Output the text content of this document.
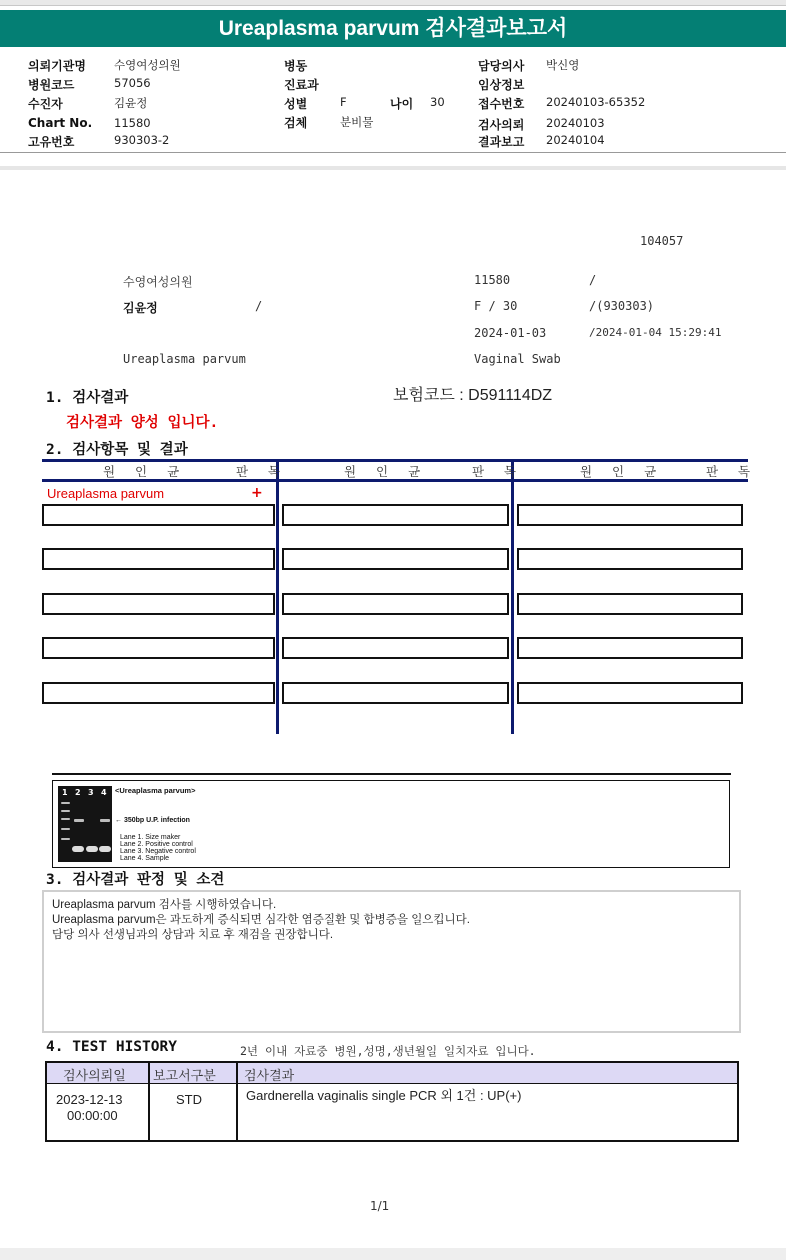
Ureaplasma parvum 검사결과보고서
의뢰기관명 수영여성의원
병원코드	57056
수진자	김윤정
Chart No. 11580
고유번호	930303-2
병동
진료과
성별	F	나이 30
검체	분비물
담당의사 박신영
임상정보
접수번호 20240103-65352
검사의뢰 20240103
결과보고 20240104
104057
수영여성의원	11580	/
김윤정	/	F / 30	/(930303)
2024-01-03	/2024-01-04 15:29:41
Ureaplasma parvum	Vaginal Swab
1. 검사결과	보험코드 : D591114DZ
검사결과 양성 입니다.
2. 검사항목 및 결과
원 인 균	판 독	원 인 균	판 독	원 인 균	판 독
Ureaplasma parvum	+
1 2 3 4 <Ureaplasma parvum>
← 350bp U.P. infection
Lane 1. Size maker
Lane 2. Positive control
Lane 3. Negative control
Lane 4. Sample
3. 검사결과 판정 및 소견
Ureaplasma parvum 검사를 시행하였습니다.
Ureaplasma parvum은 과도하게 증식되면 심각한 염증질환 및 합병증을 일으킵니다.
담당 의사 선생님과의 상담과 치료 후 재검을 권장합니다.
4. TEST HISTORY	2년 이내 자료중 병원,성명,생년월일 일치자료 입니다.
검사의뢰일 보고서구분 검사결과
2023-12-13
00:00:00
STD	Gardnerella vaginalis single PCR 외 1건 : UP(+)
1/1
